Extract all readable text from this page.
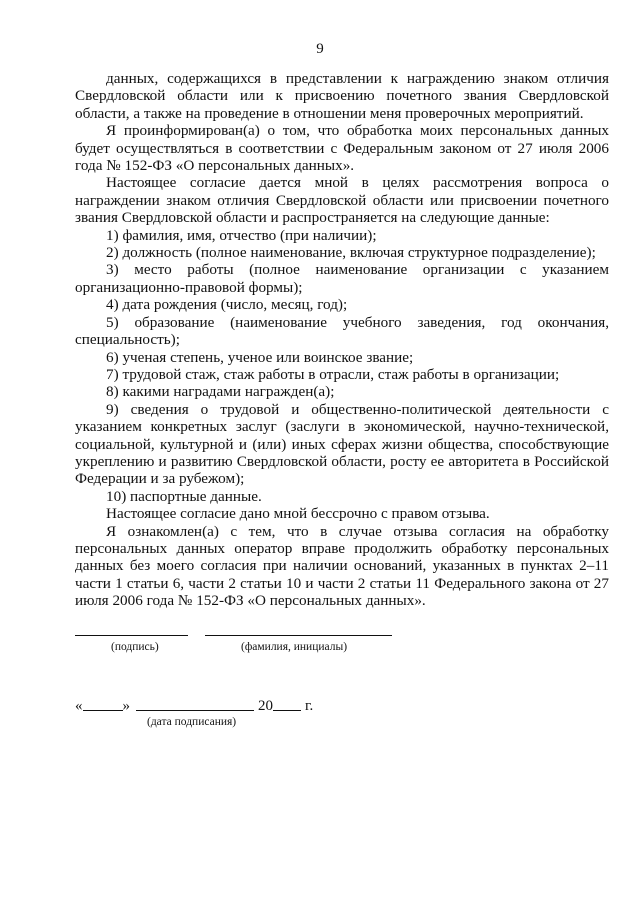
9

данных, содержащихся в представлении к награждению знаком отличия Свердловской области или к присвоению почетного звания Свердловской области, а также на проведение в отношении меня проверочных мероприятий.

Я проинформирован(а) о том, что обработка моих персональных данных будет осуществляться в соответствии с Федеральным законом от 27 июля 2006 года № 152-ФЗ «О персональных данных».

Настоящее согласие дается мной в целях рассмотрения вопроса о награждении знаком отличия Свердловской области или присвоении почетного звания Свердловской области и распространяется на следующие данные:

1) фамилия, имя, отчество (при наличии);

2) должность (полное наименование, включая структурное подразделение);

3) место работы (полное наименование организации с указанием организационно-правовой формы);

4) дата рождения (число, месяц, год);

5) образование (наименование учебного заведения, год окончания, специальность);

6) ученая степень, ученое или воинское звание;

7) трудовой стаж, стаж работы в отрасли, стаж работы в организации;

8) какими наградами награжден(а);

9) сведения о трудовой и общественно-политической деятельности с указанием конкретных заслуг (заслуги в экономической, научно-технической, социальной, культурной и (или) иных сферах жизни общества, способствующие укреплению и развитию Свердловской области, росту ее авторитета в Российской Федерации и за рубежом);

10) паспортные данные.

Настоящее согласие дано мной бессрочно с правом отзыва.

Я ознакомлен(а) с тем, что в случае отзыва согласия на обработку персональных данных оператор вправе продолжить обработку персональных данных без моего согласия при наличии оснований, указанных в пунктах 2–11 части 1 статьи 6, части 2 статьи 10 и части 2 статьи 11 Федерального закона от 27 июля 2006 года № 152-ФЗ «О персональных данных».

(подпись)	(фамилия, инициалы)
«	»	20 г.
(дата подписания)
